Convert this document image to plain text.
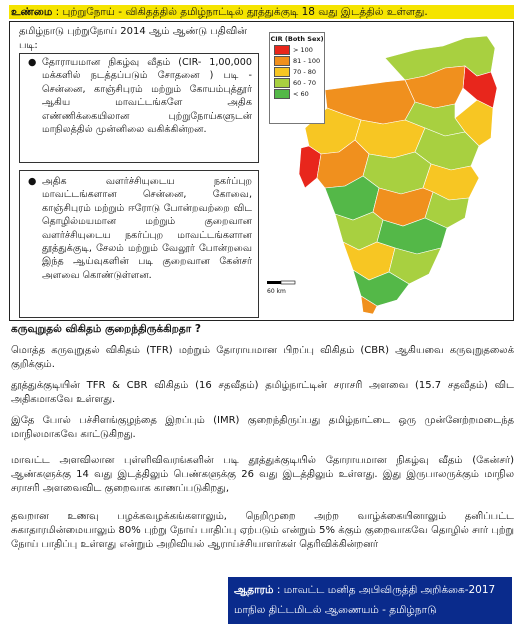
உண்மை : புற்றுநோய் - விகிதத்தில் தமிழ்நாட்டில் தூத்துக்குடி 18 வது இடத்தில் உள்ளது.
தமிழ்நாடு புற்றுநோய் 2014 ஆம் ஆண்டு பதிவின் படி:
● தோராயமான நிகழ்வு வீதம் (CIR- 1,00,000 மக்களில் நடத்தப்படும் சோதனை ) படி - சென்னை, காஞ்சிபுரம் மற்றும் கோயம்புத்தூர் ஆகிய மாவட்டங்களே அதிக எண்ணிக்கையிலான புற்றுநோய்களுடன் மாநிலத்தில் முன்னிலை வகிக்கின்றன.
● அதிக வளர்ச்சியுடைய நகர்ப்புற மாவட்டங்களான சென்னை, கோவை, காஞ்சிபுரம் மற்றும் ஈரோடு போன்றவற்றை விட தொழில்மயமான மற்றும் குறைவான வளர்ச்சியுடைய நகர்ப்புற மாவட்டங்களான தூத்துக்குடி, சேலம் மற்றும் வேலூர் போன்றவை இந்த ஆய்வுகளின் படி குறைவான கேன்சர் அளவை கொண்டுள்ளன.
CIR (Both Sex)
> 100
81 - 100
70 - 80
60 - 70
< 60
60 km
கருவுறுதல் விகிதம் குறைந்திருக்கிறதா ?
மொத்த கருவுறுதல் விகிதம் (TFR) மற்றும் தோராயமான பிறப்பு விகிதம் (CBR) ஆகியவை கருவுறுதலைக் குறிக்கும்.
தூத்துக்குடியின் TFR & CBR விகிதம் (16 சதவீதம்) தமிழ்நாட்டின் சராசரி அளவை (15.7 சதவீதம்) விட அதிகமாகவே உள்ளது.
இதே போல் பச்சிளங்குழந்தை இறப்பும் (IMR) குறைந்திருப்பது தமிழ்நாட்டை ஒரு முன்னேற்றமடைந்த மாநிலமாகவே காட்டுகிறது.
மாவட்ட அளவிலான புள்ளிவிவரங்களின் படி தூத்துக்குடியில் தோராயமான நிகழ்வு வீதம் (கேன்சர்) ஆண்களுக்கு 14 வது இடத்திலும் பெண்களுக்கு 26 வது இடத்திலும் உள்ளது. இது இருபாலருக்கும் மாநில சராசரி அளவைவிட குறைவாக காணப்படுகிறது,
தவறான உணவு பழக்கவழக்கங்களாலும், நெறிமுறை அற்ற வாழ்க்கையினாலும் தனிப்பட்ட சுகாதாரமின்மையாலும் 80% புற்று நோய் பாதிப்பு ஏற்படும் என்றும் 5% க்கும் குறைவாகவே தொழில் சார் புற்று நோய் பாதிப்பு உள்ளது என்றும் அறிவியல் ஆராய்ச்சியாளர்கள் தெரிவிக்கின்றனர்
ஆதாரம் : மாவட்ட மனித அபிவிருத்தி அறிக்கை-2017
மாநில திட்டமிடல் ஆணையம் - தமிழ்நாடு
